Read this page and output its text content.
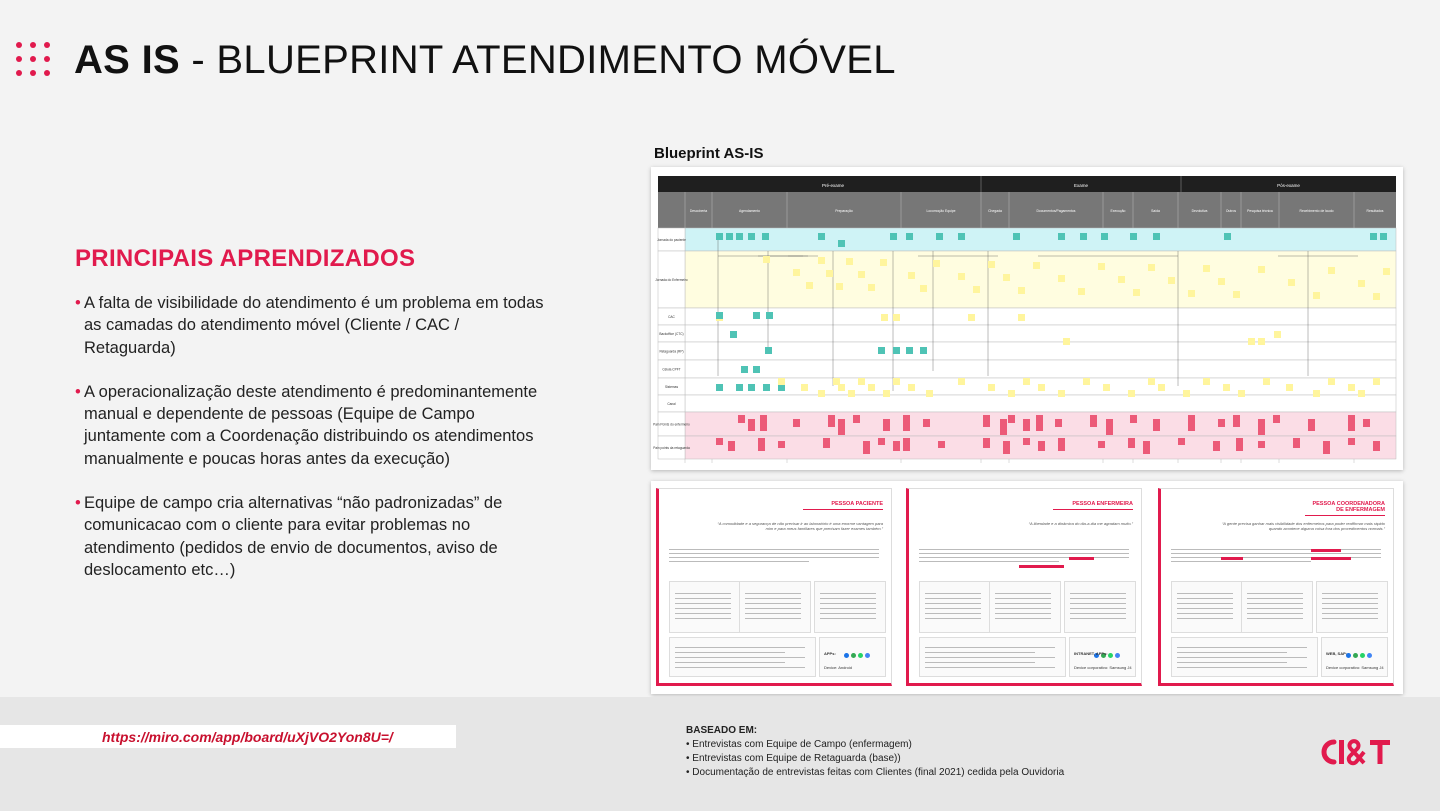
AS IS - BLUEPRINT ATENDIMENTO MÓVEL
PRINCIPAIS APRENDIZADOS
• A falta de visibilidade do atendimento é um problema em todas as camadas do atendimento móvel (Cliente / CAC / Retaguarda)
• A operacionalização deste atendimento é predominantemente manual e dependente de pessoas (Equipe de Campo juntamente com a Coordenação distribuindo os atendimentos manualmente e poucas horas antes da execução)
• Equipe de campo cria alternativas “não padronizadas” de comunicacao com o cliente para evitar problemas no atendimento (pedidos de envio de documentos, aviso de deslocamento etc…)
Blueprint AS-IS
Pré-exame	Exame	Pós-exame
Descoberta	Agendamento	Preparação	Locomoção Equipe	Chegada	Documentos/Pagamentos	Execução	Saída	Devolutiva	Outros	Pesquisa técnica	Recebimento de laudo	Resultados
Jornada do paciente
Jornada do Enfermeiro
CAC
Backoffice (CTC)
Retaguarda (RP)
Célula CPFT
Sistemas
Canal
Pain Points do enfermeiro
Pain points da retaguarda
PESSOA PACIENTE
“A comodidade e a segurança de não precisar ir ao laboratório é uma enorme vantagem para mim e para meus familiares que precisam fazer exames também.”
APPs:
Device: Android
PESSOA ENFERMEIRA
“A liberdade e a dinâmica do dia-a-dia me agradam muito.”
INTRANET, APPs:
Device corporativo: Samsung J4
PESSOA COORDENADORA DE ENFERMAGEM
“A gente precisa ganhar mais visibilidade dos enfermeiros para poder reaffirmar mais rápido quando acontece alguma coisa fora dos procedimentos normais.”
WEB, SAP:
Device corporativo: Samsung J4
https://miro.com/app/board/uXjVO2Yon8U=/	BASEADO EM:
• Entrevistas com Equipe de Campo (enfermagem)
• Entrevistas com Equipe de Retaguarda (base))
• Documentação de entrevistas feitas com Clientes (final 2021) cedida pela Ouvidoria
